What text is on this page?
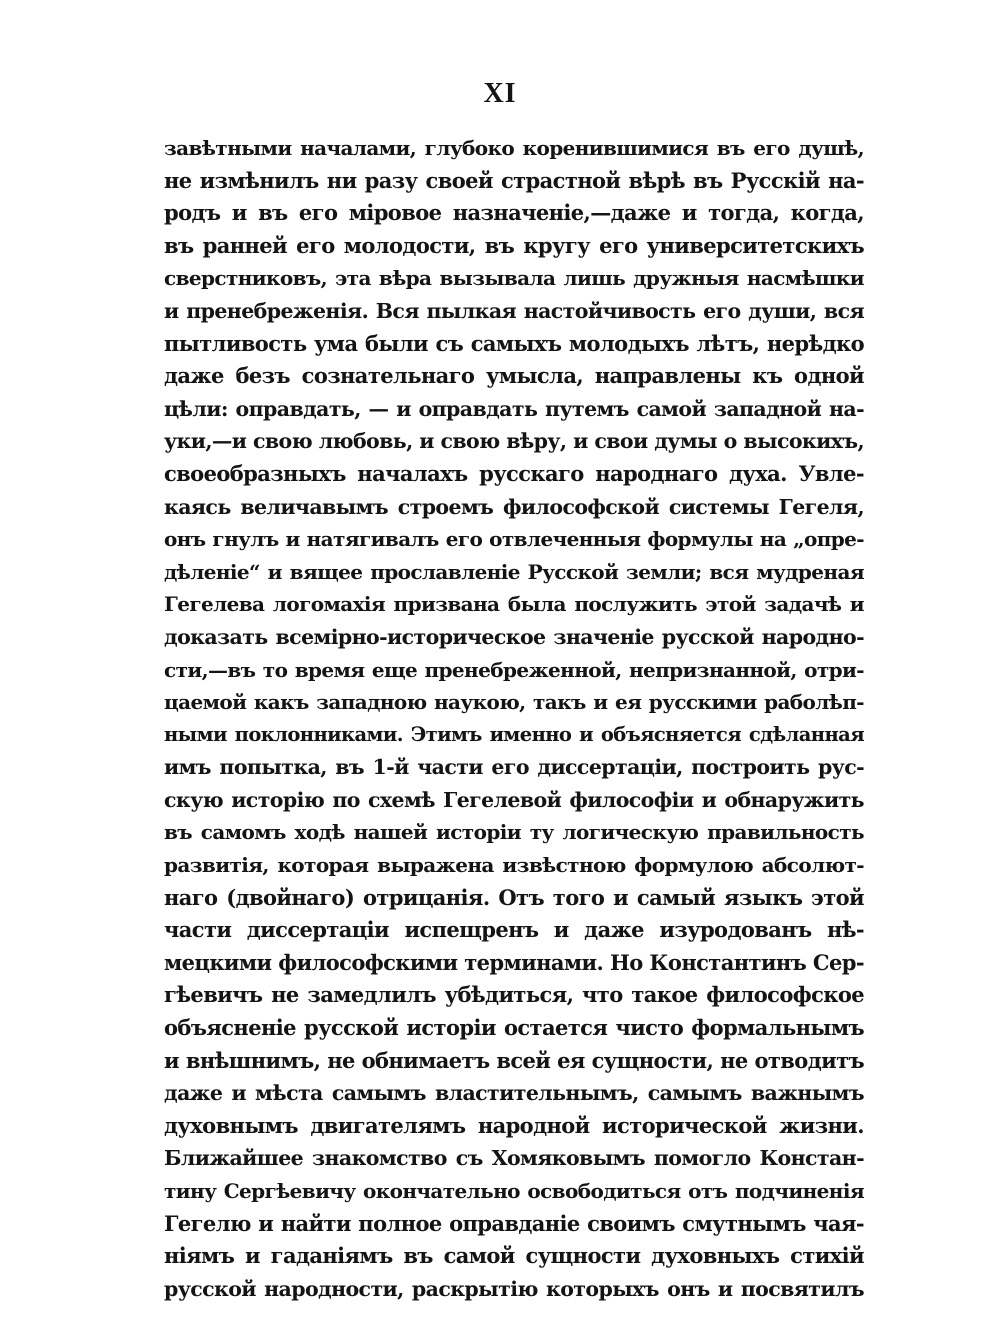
XI
завѣтными началами, глубоко коренившимися въ его душѣ,
не измѣнилъ ни разу своей страстной вѣрѣ въ Русскій на-
родъ и въ его міровое назначеніе,—даже и тогда, когда,
въ ранней его молодости, въ кругу его университетскихъ
сверстниковъ, эта вѣра вызывала лишь дружныя насмѣшки
и пренебреженія. Вся пылкая настойчивость его души, вся
пытливость ума были съ самыхъ молодыхъ лѣтъ, нерѣдко
даже безъ сознательнаго умысла, направлены къ одной
цѣли: оправдать, — и оправдать путемъ самой западной на-
уки,—и свою любовь, и свою вѣру, и свои думы о высокихъ,
своеобразныхъ началахъ русскаго народнаго духа. Увле-
каясь величавымъ строемъ философской системы Гегеля,
онъ гнулъ и натягивалъ его отвлеченныя формулы на „опре-
дѣленіе“ и вящее прославленіе Русской земли; вся мудреная
Гегелева логомахія призвана была послужить этой задачѣ и
доказать всемірно-историческое значеніе русской народно-
сти,—въ то время еще пренебреженной, непризнанной, отри-
цаемой какъ западною наукою, такъ и ея русскими раболѣп-
ными поклонниками. Этимъ именно и объясняется сдѣланная
имъ попытка, въ 1-й части его диссертаціи, построить рус-
скую исторію по схемѣ Гегелевой философіи и обнаружить
въ самомъ ходѣ нашей исторіи ту логическую правильность
развитія, которая выражена извѣстною формулою абсолют-
наго (двойнаго) отрицанія. Отъ того и самый языкъ этой
части диссертаціи испещренъ и даже изуродованъ нѣ-
мецкими философскими терминами. Но Константинъ Сер-
гѣевичъ не замедлилъ убѣдиться, что такое философское
объясненіе русской исторіи остается чисто формальнымъ
и внѣшнимъ, не обнимаетъ всей ея сущности, не отводитъ
даже и мѣста самымъ властительнымъ, самымъ важнымъ
духовнымъ двигателямъ народной исторической жизни.
Ближайшее знакомство съ Хомяковымъ помогло Констан-
тину Сергѣевичу окончательно освободиться отъ подчиненія
Гегелю и найти полное оправданіе своимъ смутнымъ чая-
ніямъ и гаданіямъ въ самой сущности духовныхъ стихій
русской народности, раскрытію которыхъ онъ и посвятилъ
